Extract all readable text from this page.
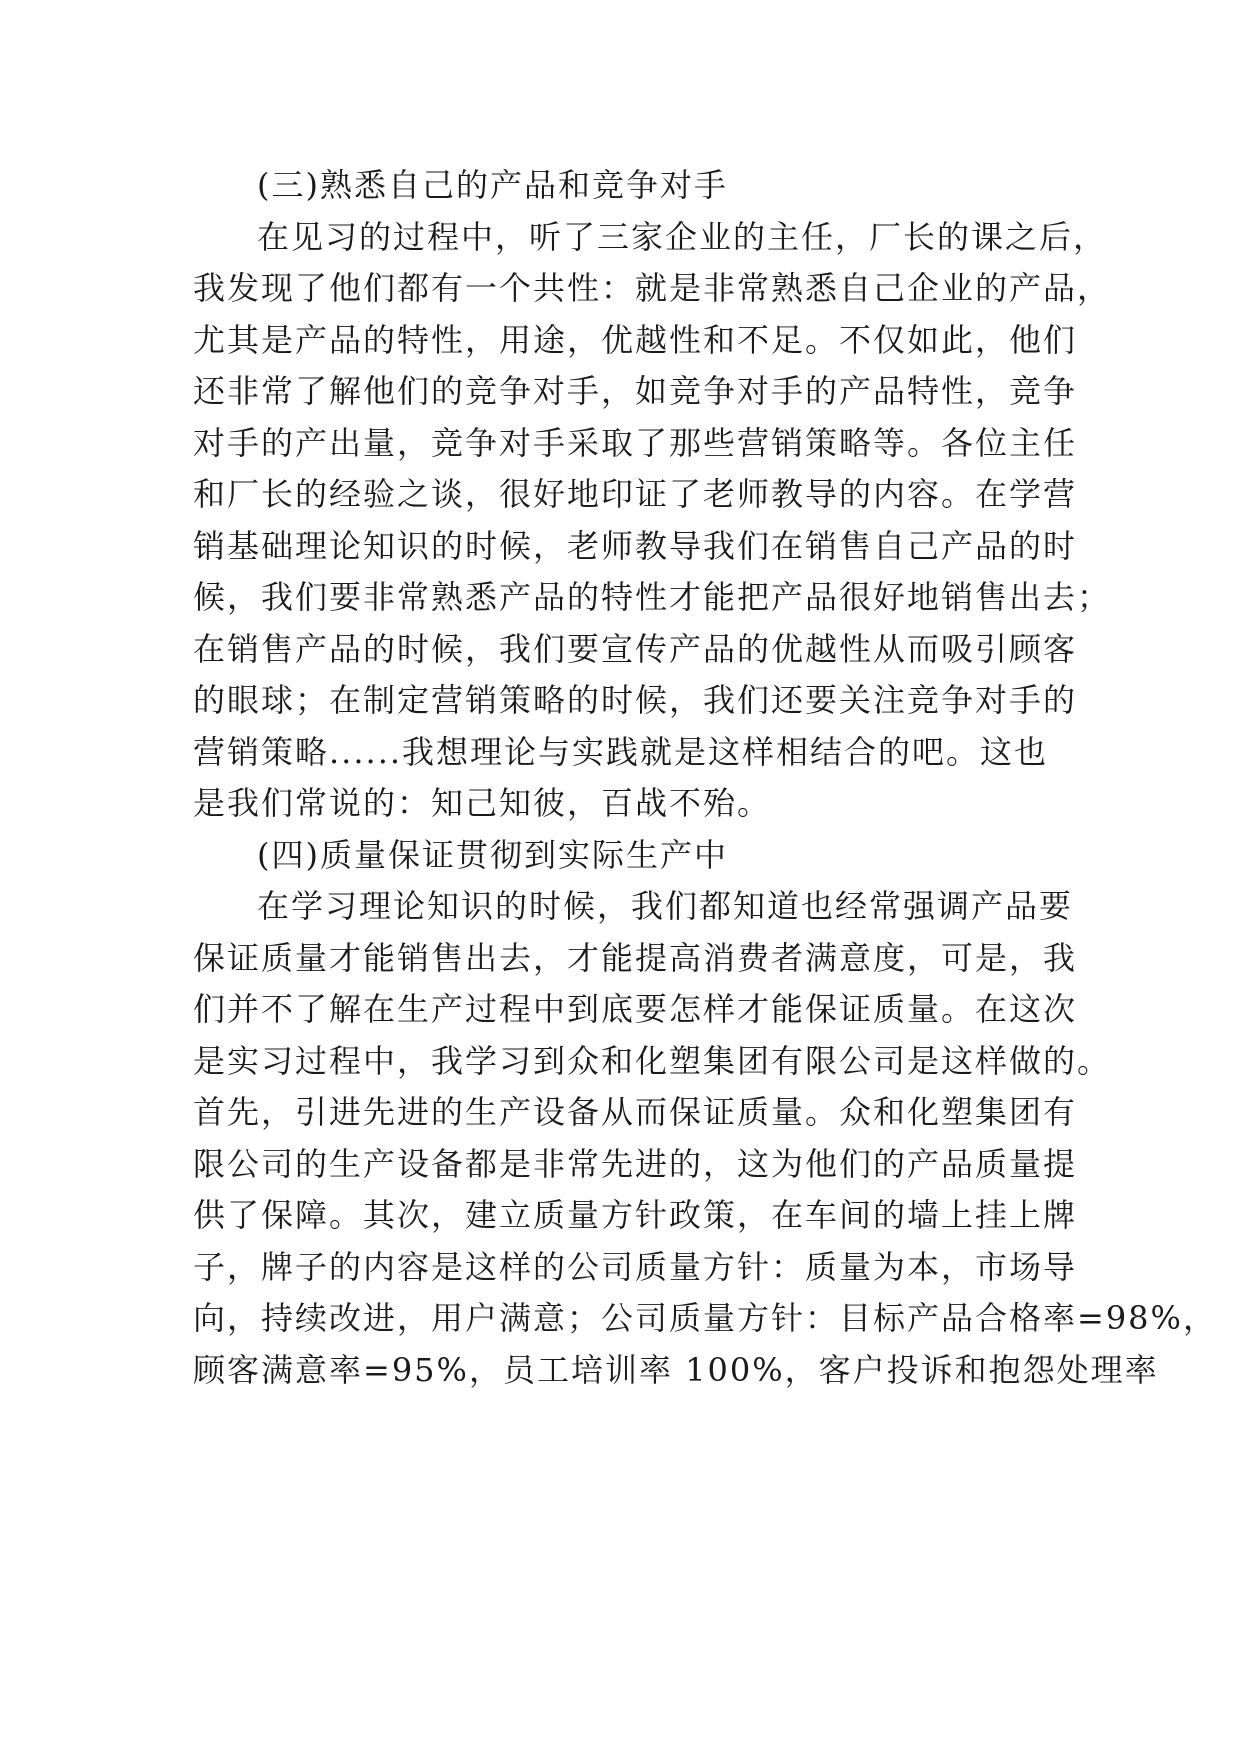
(三)熟悉自己的产品和竞争对手
在见习的过程中，听了三家企业的主任，厂长的课之后，
我发现了他们都有一个共性：就是非常熟悉自己企业的产品，
尤其是产品的特性，用途，优越性和不足。不仅如此，他们
还非常了解他们的竞争对手，如竞争对手的产品特性，竞争
对手的产出量，竞争对手采取了那些营销策略等。各位主任
和厂长的经验之谈，很好地印证了老师教导的内容。在学营
销基础理论知识的时候，老师教导我们在销售自己产品的时
候，我们要非常熟悉产品的特性才能把产品很好地销售出去；
在销售产品的时候，我们要宣传产品的优越性从而吸引顾客
的眼球；在制定营销策略的时候，我们还要关注竞争对手的
营销策略......我想理论与实践就是这样相结合的吧。这也
是我们常说的：知己知彼，百战不殆。
(四)质量保证贯彻到实际生产中
在学习理论知识的时候，我们都知道也经常强调产品要
保证质量才能销售出去，才能提高消费者满意度，可是，我
们并不了解在生产过程中到底要怎样才能保证质量。在这次
是实习过程中，我学习到众和化塑集团有限公司是这样做的。
首先，引进先进的生产设备从而保证质量。众和化塑集团有
限公司的生产设备都是非常先进的，这为他们的产品质量提
供了保障。其次，建立质量方针政策，在车间的墙上挂上牌
子，牌子的内容是这样的公司质量方针：质量为本，市场导
向，持续改进，用户满意；公司质量方针：目标产品合格率=98%，
顾客满意率=95%，员工培训率 100%，客户投诉和抱怨处理率
